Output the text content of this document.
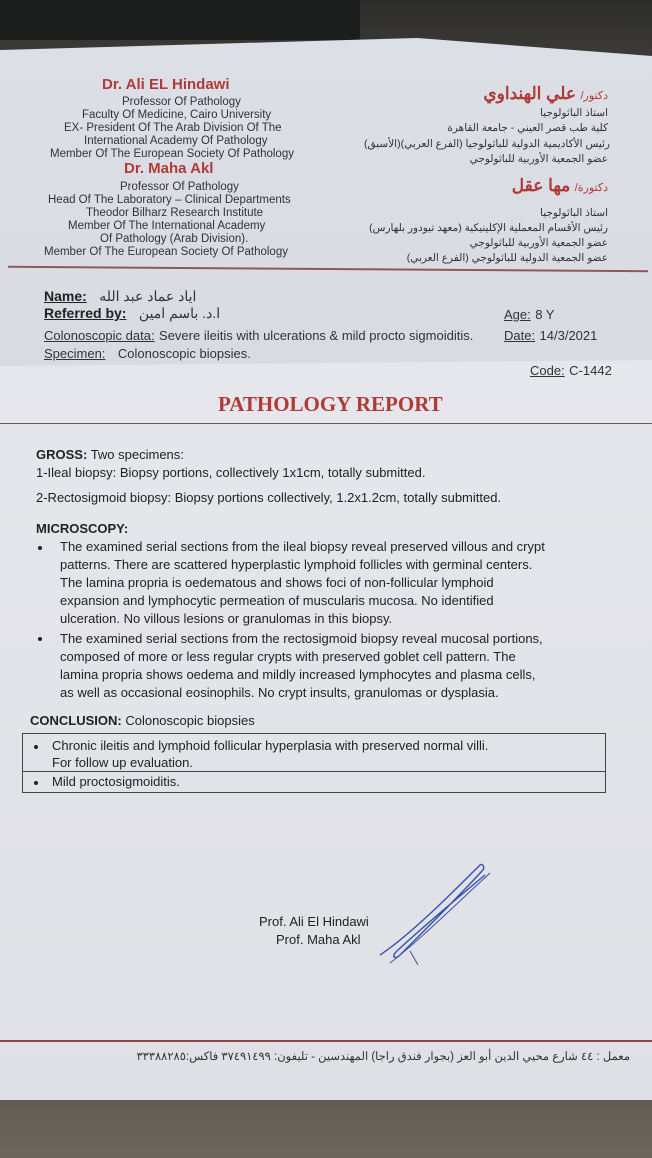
Dr. Ali EL Hindawi
Professor Of Pathology
Faculty Of Medicine, Cairo University
EX- President Of The Arab Division Of The
International Academy Of Pathology
Member Of The European Society Of Pathology
Dr. Maha Akl
Professor Of Pathology
Head Of The Laboratory – Clinical Departments
Theodor Bilharz Research Institute
Member Of The International Academy
Of Pathology (Arab Division).
Member Of The European Society Of Pathology
دكتور/ علي الهنداوي
استاذ الباثولوجيا
كلية طب قصر العيني - جامعة القاهرة
رئيس الأكاديمية الدولية للباثولوجيا (الفرع العربي)(الأسبق)
عضو الجمعية الأوربية للباثولوجي
دكتورة/ مها عقل
استاذ الباثولوجيا
رئيس الأقسام المعملية الإكلينيكية (معهد تيودور بلهارس)
عضو الجمعية الأوربية للباثولوجي
عضو الجمعية الدولية للباثولوجي (الفرع العربي)
Name: اياد عماد عبد الله
Referred by: ا.د. باسم امين
Colonoscopic data: Severe ileitis with ulcerations & mild procto sigmoiditis.
Specimen: Colonoscopic biopsies.
Age: 8 Y
Date: 14/3/2021
Code: C-1442
PATHOLOGY REPORT
GROSS: Two specimens:
1-Ileal biopsy: Biopsy portions, collectively 1x1cm, totally submitted.
2-Rectosigmoid biopsy: Biopsy portions collectively, 1.2x1.2cm, totally submitted.
MICROSCOPY:
The examined serial sections from the ileal biopsy reveal preserved villous and crypt
patterns. There are scattered hyperplastic lymphoid follicles with germinal centers.
The lamina propria is oedematous and shows foci of non-follicular lymphoid
expansion and lymphocytic permeation of muscularis mucosa. No identified
ulceration. No villous lesions or granulomas in this biopsy.
The examined serial sections from the rectosigmoid biopsy reveal mucosal portions,
composed of more or less regular crypts with preserved goblet cell pattern. The
lamina propria shows oedema and mildly increased lymphocytes and plasma cells,
as well as occasional eosinophils. No crypt insults, granulomas or dysplasia.
CONCLUSION: Colonoscopic biopsies
Chronic ileitis and lymphoid follicular hyperplasia with preserved normal villi.
For follow up evaluation.
Mild proctosigmoiditis.
Prof. Ali El Hindawi
Prof. Maha Akl
معمل : ٤٤ شارع محيي الدين أبو العز (بجوار فندق راجا) المهندسين - تليفون: ٣٧٤٩١٤٩٩ فاكس:٣٣٣٨٨٢٨٥
